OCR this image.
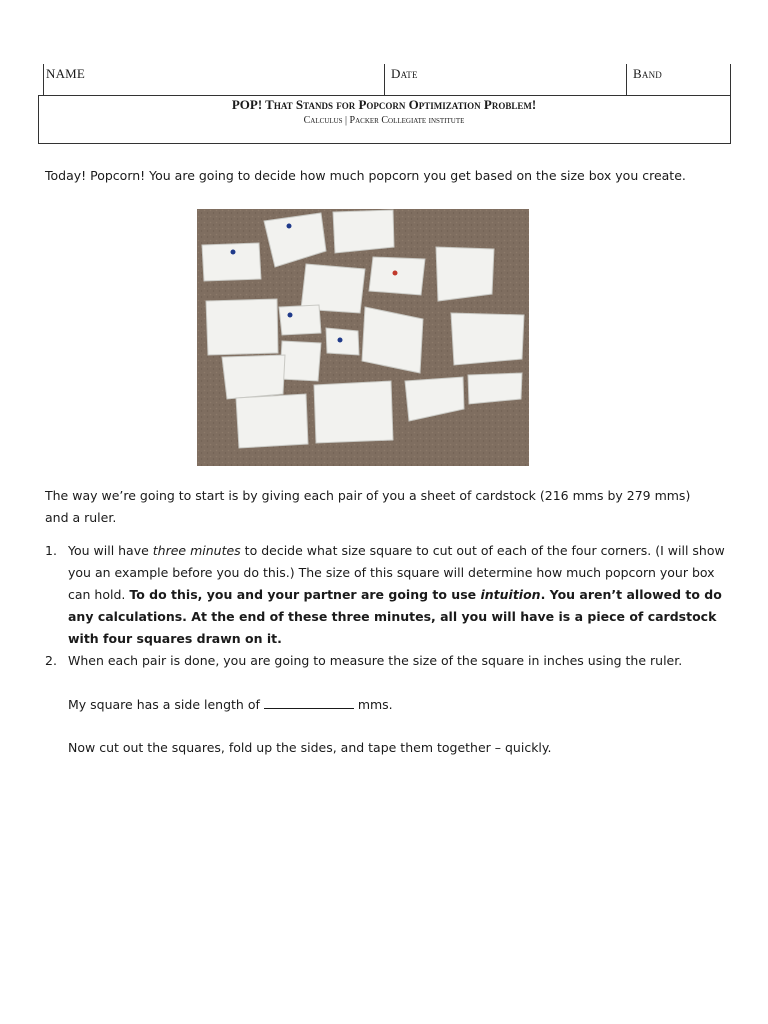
NAME	Date	Band
POP! That Stands for Popcorn Optimization Problem!
Calculus | Packer Collegiate institute
Today! Popcorn! You are going to decide how much popcorn you get based on the size box you create.
The way we’re going to start is by giving each pair of you a sheet of cardstock (216 mms by 279 mms) and a ruler.
1. You will have three minutes to decide what size square to cut out of each of the four corners. (I will show you an example before you do this.) The size of this square will determine how much popcorn your box can hold. To do this, you and your partner are going to use intuition. You aren’t allowed to do any calculations. At the end of these three minutes, all you will have is a piece of cardstock with four squares drawn on it.
2. When each pair is done, you are going to measure the size of the square in inches using the ruler.
My square has a side length of	mms.
Now cut out the squares, fold up the sides, and tape them together – quickly.
